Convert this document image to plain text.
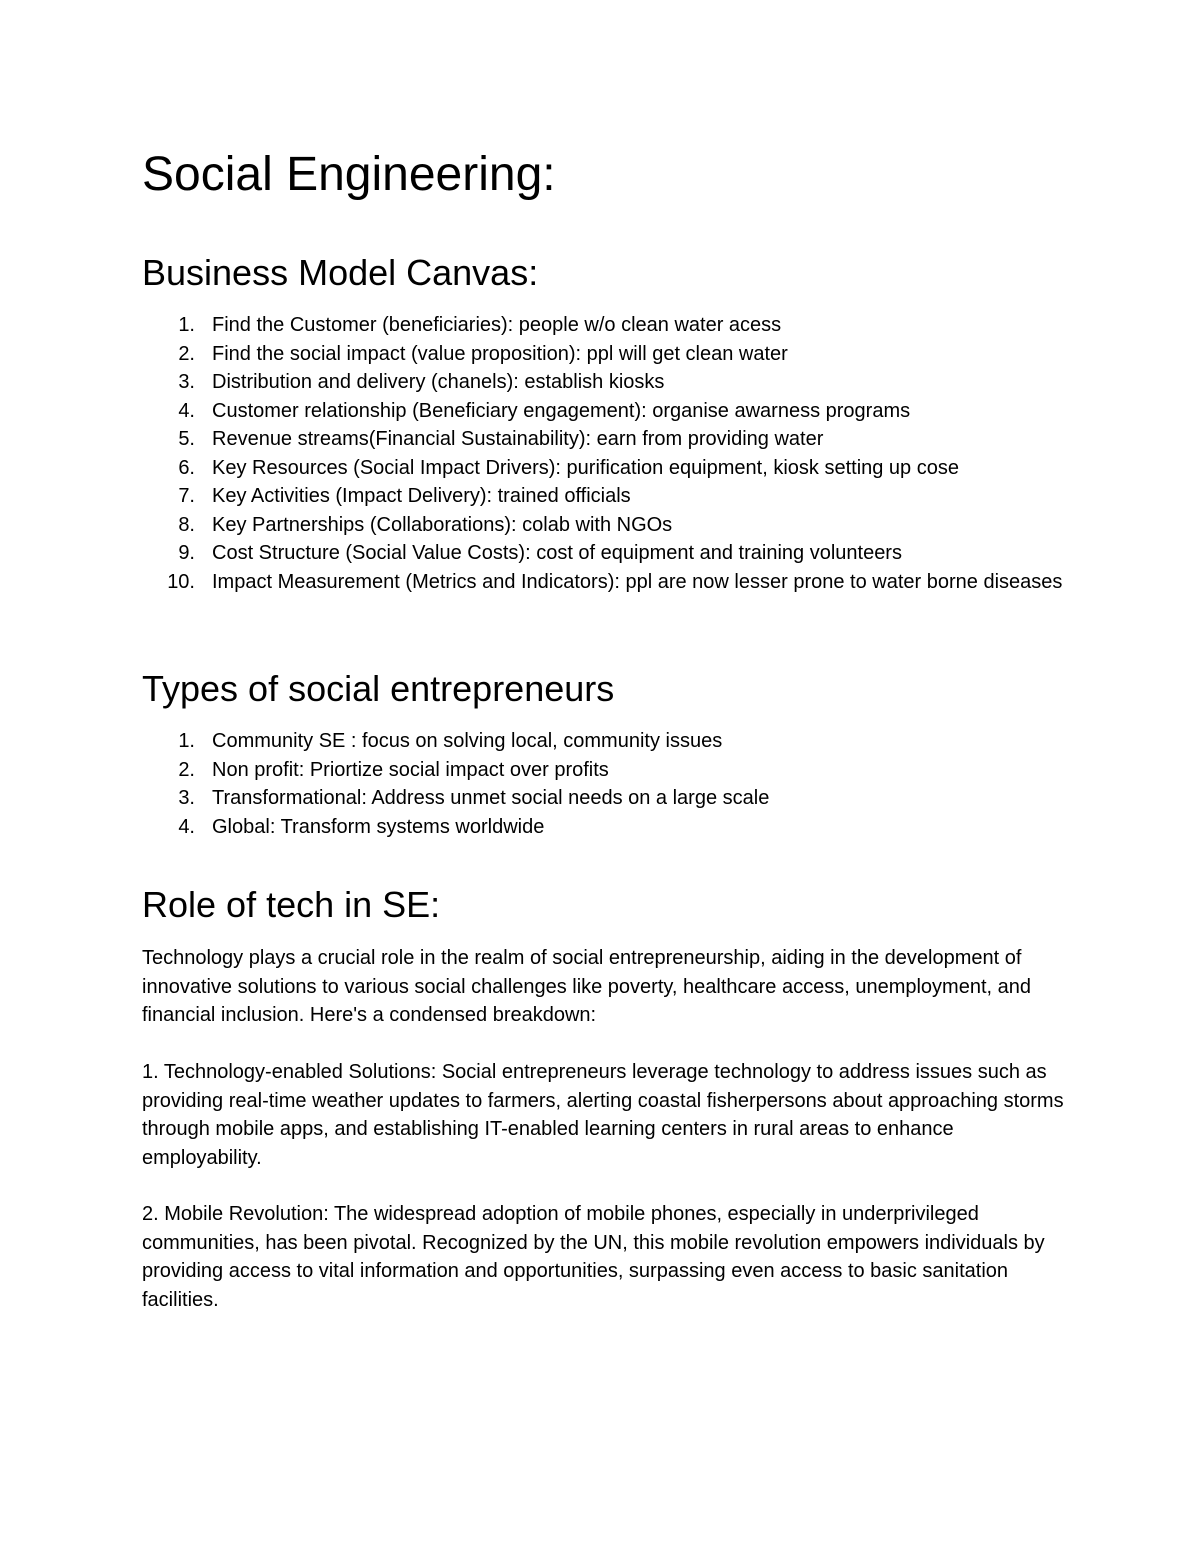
Social Engineering:
Business Model Canvas:
1. Find the Customer (beneficiaries): people w/o clean water acess
2. Find the social impact (value proposition): ppl will get clean water
3. Distribution and delivery (chanels): establish kiosks
4. Customer relationship (Beneficiary engagement): organise awarness programs
5. Revenue streams(Financial Sustainability): earn from providing water
6. Key Resources (Social Impact Drivers): purification equipment, kiosk setting up cose
7. Key Activities (Impact Delivery): trained officials
8. Key Partnerships (Collaborations): colab with NGOs
9. Cost Structure (Social Value Costs): cost of equipment and training volunteers
10. Impact Measurement (Metrics and Indicators): ppl are now lesser prone to water borne diseases
Types of social entrepreneurs
1. Community SE : focus on solving local, community issues
2. Non profit: Priortize social impact over profits
3. Transformational: Address unmet social needs on a large scale
4. Global: Transform systems worldwide
Role of tech in SE:

Technology plays a crucial role in the realm of social entrepreneurship, aiding in the development of innovative solutions to various social challenges like poverty, healthcare access, unemployment, and financial inclusion. Here's a condensed breakdown:

1. Technology-enabled Solutions: Social entrepreneurs leverage technology to address issues such as providing real-time weather updates to farmers, alerting coastal fisherpersons about approaching storms through mobile apps, and establishing IT-enabled learning centers in rural areas to enhance employability.

2. Mobile Revolution: The widespread adoption of mobile phones, especially in underprivileged communities, has been pivotal. Recognized by the UN, this mobile revolution empowers individuals by providing access to vital information and opportunities, surpassing even access to basic sanitation facilities.
